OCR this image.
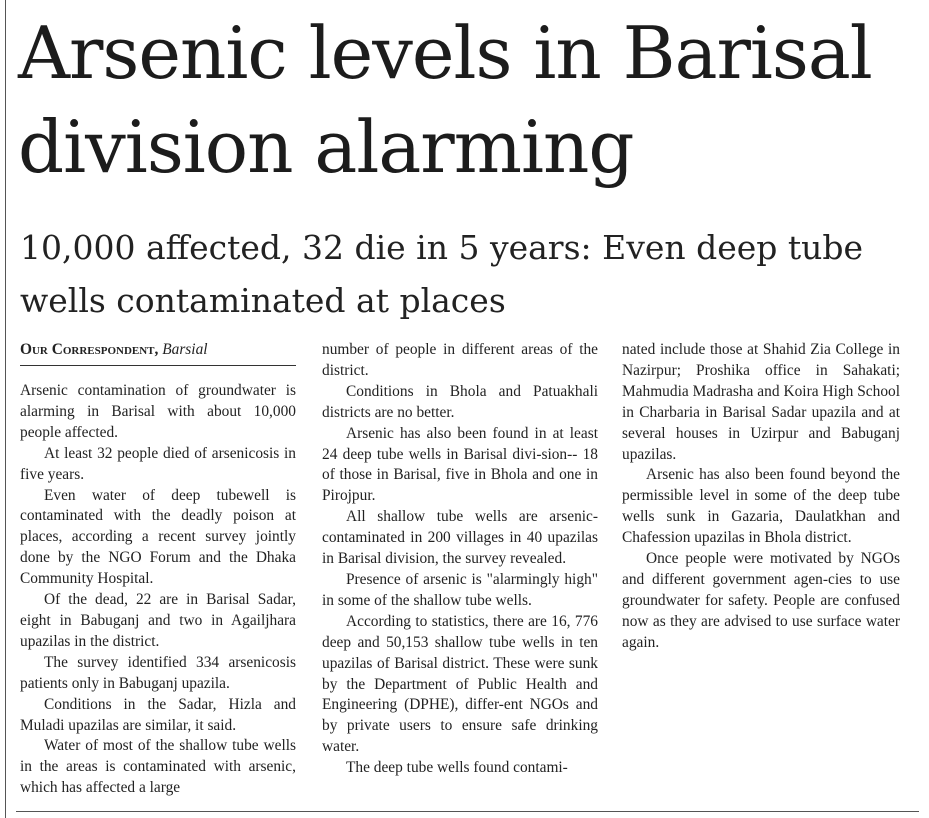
Arsenic levels in Barisal division alarming
10,000 affected, 32 die in 5 years: Even deep tube wells contaminated at places
Our Correspondent, Barsial

Arsenic contamination of groundwater is alarming in Barisal with about 10,000 people affected.

At least 32 people died of arsenicosis in five years.

Even water of deep tubewell is contaminated with the deadly poison at places, according a recent survey jointly done by the NGO Forum and the Dhaka Community Hospital.

Of the dead, 22 are in Barisal Sadar, eight in Babuganj and two in Agailjhara upazilas in the district.

The survey identified 334 arsenicosis patients only in Babuganj upazila.

Conditions in the Sadar, Hizla and Muladi upazilas are similar, it said.

Water of most of the shallow tube wells in the areas is contaminated with arsenic, which has affected a large

number of people in different areas of the district.

Conditions in Bhola and Patuakhali districts are no better.

Arsenic has also been found in at least 24 deep tube wells in Barisal divi-sion-- 18 of those in Barisal, five in Bhola and one in Pirojpur.

All shallow tube wells are arsenic-contaminated in 200 villages in 40 upazilas in Barisal division, the survey revealed.

Presence of arsenic is "alarmingly high" in some of the shallow tube wells.

According to statistics, there are 16, 776 deep and 50,153 shallow tube wells in ten upazilas of Barisal district. These were sunk by the Department of Public Health and Engineering (DPHE), differ-ent NGOs and by private users to ensure safe drinking water.

The deep tube wells found contami-

nated include those at Shahid Zia College in Nazirpur; Proshika office in Sahakati; Mahmudia Madrasha and Koira High School in Charbaria in Barisal Sadar upazila and at several houses in Uzirpur and Babuganj upazilas.

Arsenic has also been found beyond the permissible level in some of the deep tube wells sunk in Gazaria, Daulatkhan and Chafession upazilas in Bhola district.

Once people were motivated by NGOs and different government agen-cies to use groundwater for safety. People are confused now as they are advised to use surface water again.
